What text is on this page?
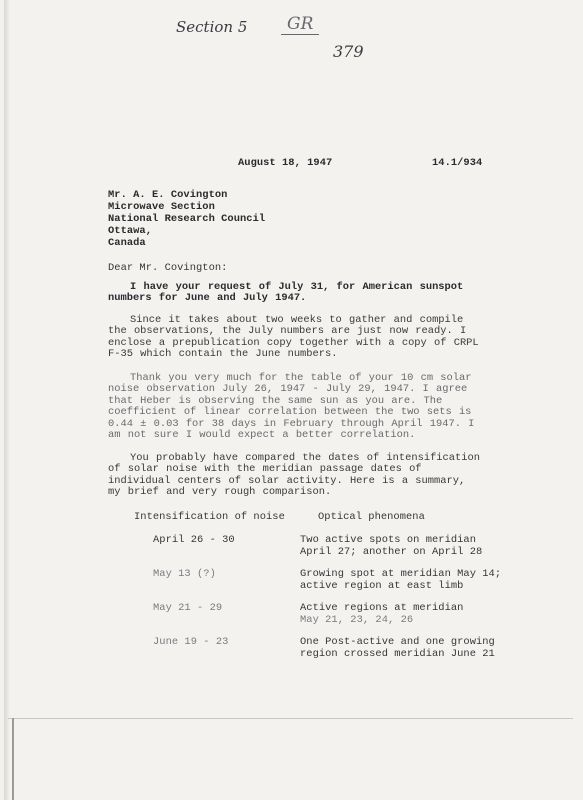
Section 5	GR
379
August 18, 1947	14.1/934
Mr. A. E. Covington
Microwave Section
National Research Council
Ottawa,
Canada
Dear Mr. Covington:
I have your request of July 31, for American sunspot numbers for June and July 1947.
Since it takes about two weeks to gather and compile the observations, the July numbers are just now ready. I enclose a prepublication copy together with a copy of CRPL F-35 which contain the June numbers.
Thank you very much for the table of your 10 cm solar noise observation July 26, 1947 - July 29, 1947. I agree that Heber is observing the same sun as you are. The coefficient of linear correlation between the two sets is 0.44 ± 0.03 for 38 days in February through April 1947. I am not sure I would expect a better correlation.
You probably have compared the dates of intensification of solar noise with the meridian passage dates of individual centers of solar activity. Here is a summary, my brief and very rough comparison.
Intensification of noise	Optical phenomena
April 26 - 30	Two active spots on meridian
April 27; another on April 28
May 13 (?)	Growing spot at meridian May 14;
active region at east limb
May 21 - 29	Active regions at meridian
May 21, 23, 24, 26
June 19 - 23	One Post-active and one growing
region crossed meridian June 21
